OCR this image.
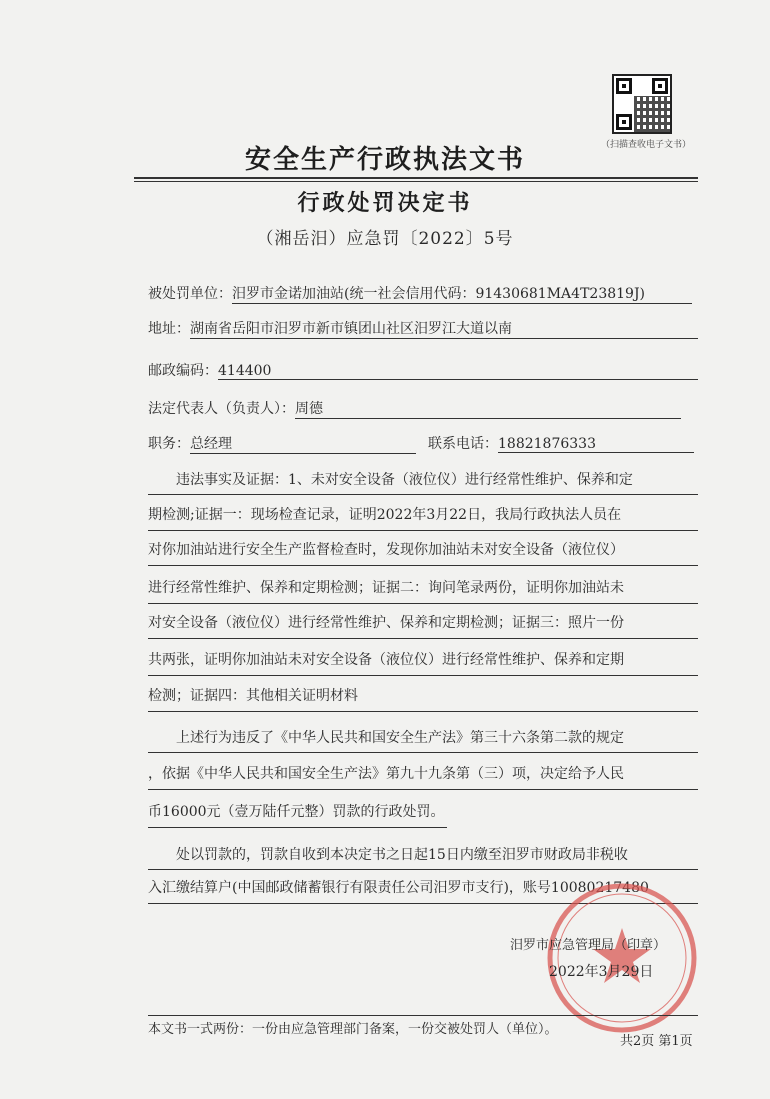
（扫描查收电子文书）
安全生产行政执法文书
行政处罚决定书
（湘岳汨）应急罚〔2022〕5号
被处罚单位：汨罗市金诺加油站(统一社会信用代码：91430681MA4T23819J)
地址：湖南省岳阳市汨罗市新市镇团山社区汨罗江大道以南
邮政编码：414400
法定代表人（负责人）：周德
职务：总经理	联系电话：18821876333
违法事实及证据：1、未对安全设备（液位仪）进行经常性维护、保养和定
期检测;证据一：现场检查记录，证明2022年3月22日，我局行政执法人员在
对你加油站进行安全生产监督检查时，发现你加油站未对安全设备（液位仪）
进行经常性维护、保养和定期检测；证据二：询问笔录两份，证明你加油站未
对安全设备（液位仪）进行经常性维护、保养和定期检测；证据三：照片一份
共两张，证明你加油站未对安全设备（液位仪）进行经常性维护、保养和定期
检测；证据四：其他相关证明材料
上述行为违反了《中华人民共和国安全生产法》第三十六条第二款的规定
，依据《中华人民共和国安全生产法》第九十九条第（三）项，决定给予人民
币16000元（壹万陆仟元整）罚款的行政处罚。
处以罚款的，罚款自收到本决定书之日起15日内缴至汨罗市财政局非税收
入汇缴结算户(中国邮政储蓄银行有限责任公司汨罗市支行)，账号10080217480
汨罗市应急管理局（印章）
2022年3月29日
本文书一式两份：一份由应急管理部门备案，一份交被处罚人（单位）。
共2页 第1页
